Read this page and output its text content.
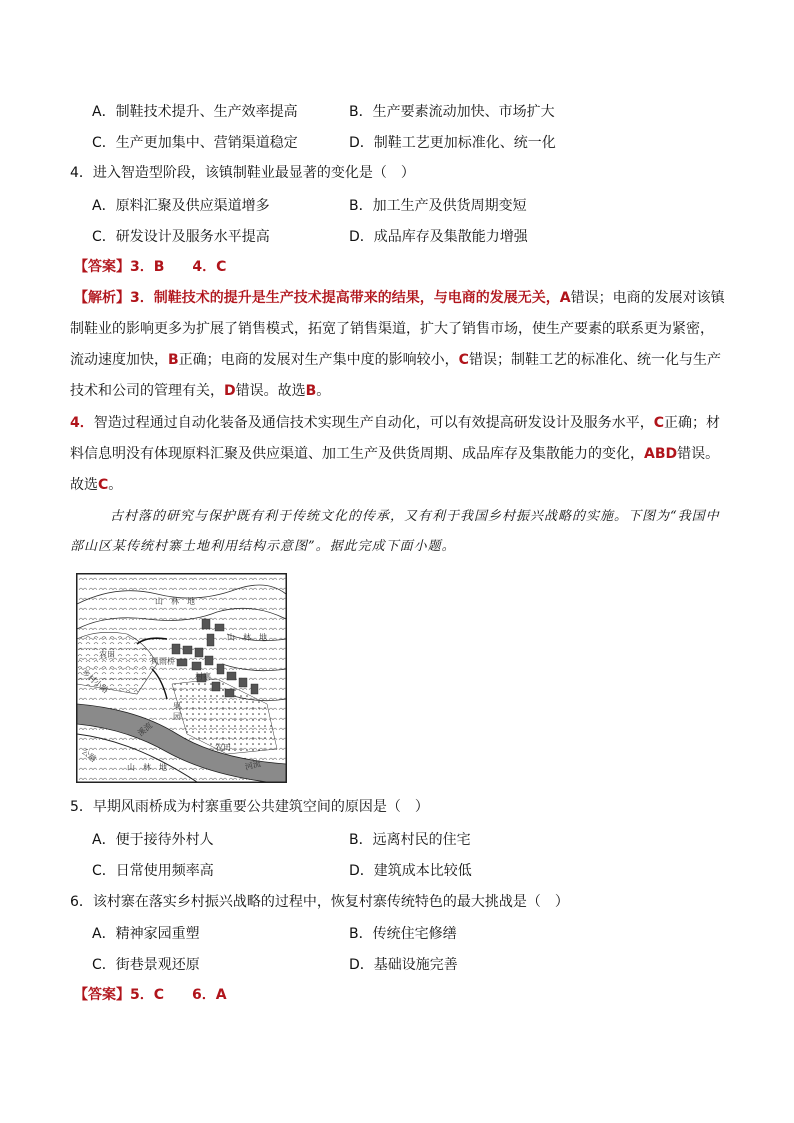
A．制鞋技术提升、生产效率提高	B．生产要素流动加快、市场扩大
C．生产更加集中、营销渠道稳定	D．制鞋工艺更加标准化、统一化
4．进入智造型阶段，该镇制鞋业最显著的变化是（　）
A．原料汇聚及供应渠道增多	B．加工生产及供货周期变短
C．研发设计及服务水平提高	D．成品库存及集散能力增强
【答案】3．B　　4．C
【解析】3．制鞋技术的提升是生产技术提高带来的结果，与电商的发展无关，A错误；电商的发展对该镇
制鞋业的影响更多为扩展了销售模式，拓宽了销售渠道，扩大了销售市场，使生产要素的联系更为紧密，
流动速度加快，B正确；电商的发展对生产集中度的影响较小，C错误；制鞋工艺的标准化、统一化与生产
技术和公司的管理有关，D错误。故选B。
4．智造过程通过自动化装备及通信技术实现生产自动化，可以有效提高研发设计及服务水平，C正确；材
料信息明没有体现原料汇聚及供应渠道、加工生产及供货周期、成品库存及集散能力的变化，ABD错误。
故选C。
古村落的研究与保护既有利于传统文化的传承，又有利于我国乡村振兴战略的实施。下图为“我国中部山区某传统村寨土地利用结构示意图”。据此完成下面小题。
山　林　地
山　林　地
山　林　地
农田
农田
风雨桥
村寨
果
园
乡村小路
公路
河流
溪流
5．早期风雨桥成为村寨重要公共建筑空间的原因是（　）
A．便于接待外村人	B．远离村民的住宅
C．日常使用频率高	D．建筑成本比较低
6．该村寨在落实乡村振兴战略的过程中，恢复村寨传统特色的最大挑战是（　）
A．精神家园重塑	B．传统住宅修缮
C．街巷景观还原	D．基础设施完善
【答案】5．C　　6．A
